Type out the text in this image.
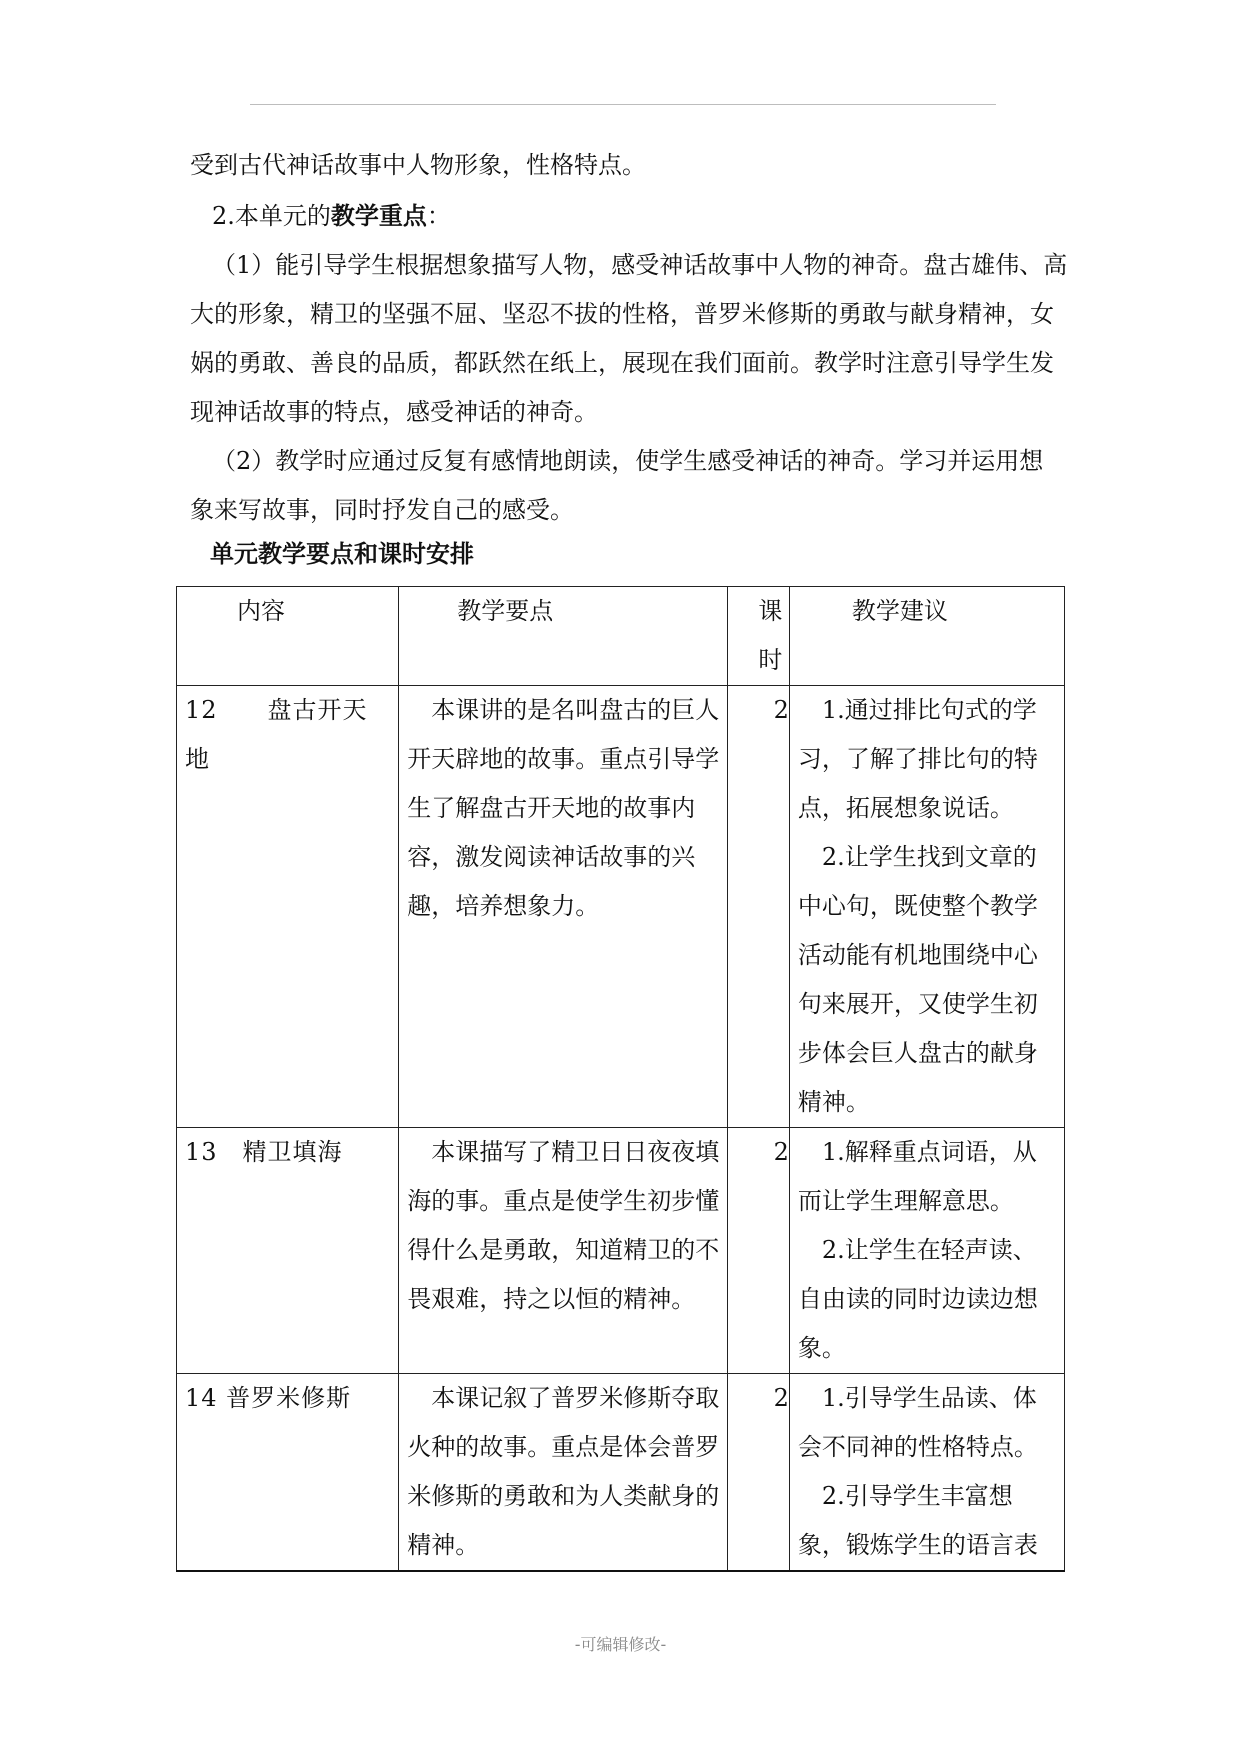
受到古代神话故事中人物形象，性格特点。
2.本单元的教学重点：
（1）能引导学生根据想象描写人物，感受神话故事中人物的神奇。盘古雄伟、高大的形象，精卫的坚强不屈、坚忍不拔的性格，普罗米修斯的勇敢与献身精神，女娲的勇敢、善良的品质，都跃然在纸上，展现在我们面前。教学时注意引导学生发现神话故事的特点，感受神话的神奇。
（2）教学时应通过反复有感情地朗读，使学生感受神话的神奇。学习并运用想象来写故事，同时抒发自己的感受。
单元教学要点和课时安排
内容	教学要点	课时	教学建议
12　　盘古开天地	本课讲的是名叫盘古的巨人开天辟地的故事。重点引导学生了解盘古开天地的故事内容，激发阅读神话故事的兴趣，培养想象力。	2	1.通过排比句式的学习，了解了排比句的特点，拓展想象说话。
2.让学生找到文章的中心句，既使整个教学活动能有机地围绕中心句来展开，又使学生初步体会巨人盘古的献身精神。

13　精卫填海	本课描写了精卫日日夜夜填海的事。重点是使学生初步懂得什么是勇敢，知道精卫的不畏艰难，持之以恒的精神。	2	1.解释重点词语，从而让学生理解意思。
2.让学生在轻声读、自由读的同时边读边想象。

14 普罗米修斯	本课记叙了普罗米修斯夺取火种的故事。重点是体会普罗米修斯的勇敢和为人类献身的精神。	2	1.引导学生品读、体会不同神的性格特点。
2.引导学生丰富想象，锻炼学生的语言表
-可编辑修改-
